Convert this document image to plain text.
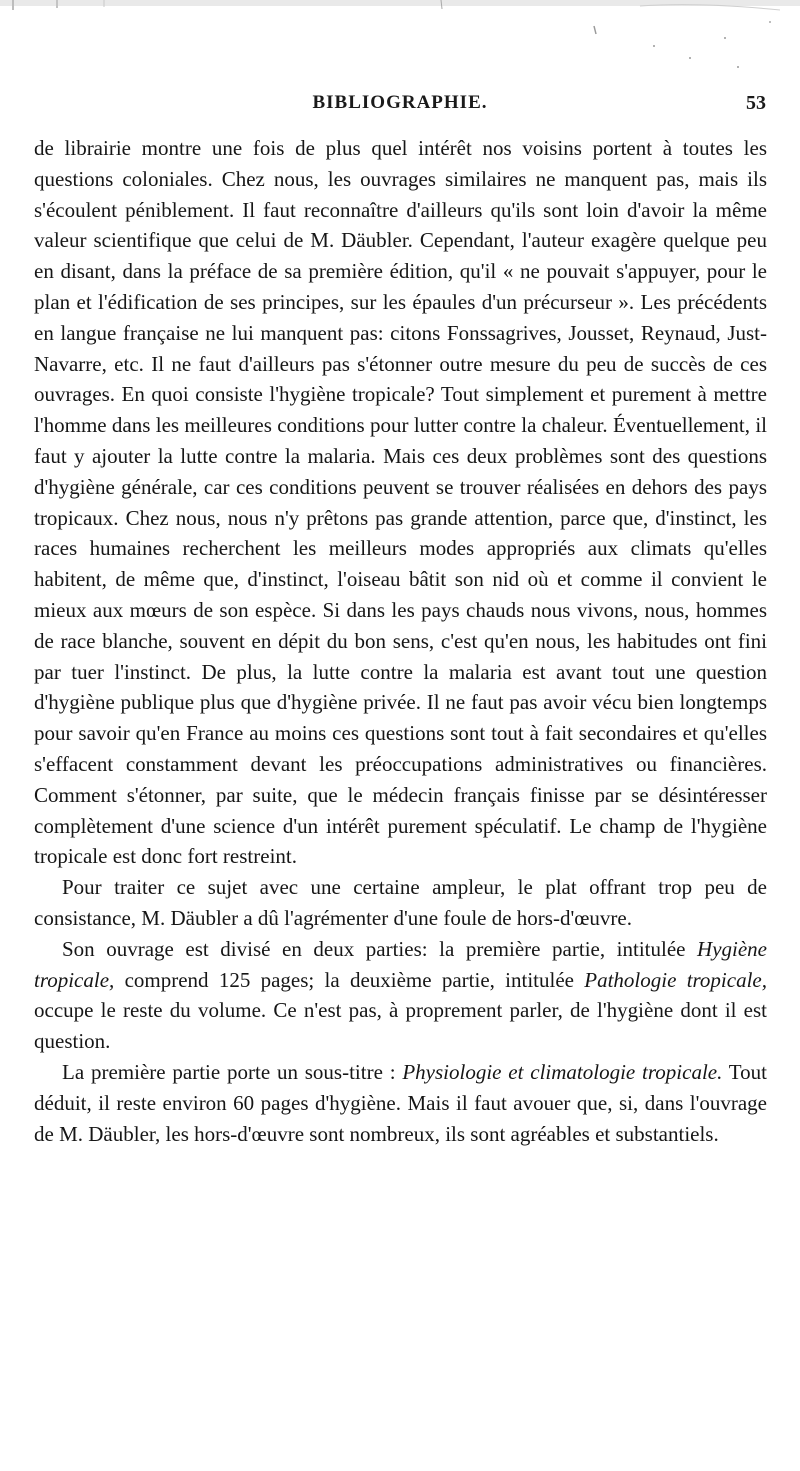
BIBLIOGRAPHIE.	53

de librairie montre une fois de plus quel intérêt nos voisins portent à toutes les questions coloniales. Chez nous, les ouvrages similaires ne manquent pas, mais ils s'écoulent péniblement. Il faut reconnaître d'ailleurs qu'ils sont loin d'avoir la même valeur scientifique que celui de M. Däubler. Cependant, l'auteur exagère quelque peu en disant, dans la préface de sa première édition, qu'il « ne pouvait s'appuyer, pour le plan et l'édification de ses principes, sur les épaules d'un précurseur ». Les précédents en langue française ne lui manquent pas: citons Fonssagrives, Jousset, Reynaud, Just-Navarre, etc. Il ne faut d'ailleurs pas s'étonner outre mesure du peu de succès de ces ouvrages. En quoi consiste l'hygiène tropicale? Tout simplement et purement à mettre l'homme dans les meilleures conditions pour lutter contre la chaleur. Éventuellement, il faut y ajouter la lutte contre la malaria. Mais ces deux problèmes sont des questions d'hygiène générale, car ces conditions peuvent se trouver réalisées en dehors des pays tropicaux. Chez nous, nous n'y prêtons pas grande attention, parce que, d'instinct, les races humaines recherchent les meilleurs modes appropriés aux climats qu'elles habitent, de même que, d'instinct, l'oiseau bâtit son nid où et comme il convient le mieux aux mœurs de son espèce. Si dans les pays chauds nous vivons, nous, hommes de race blanche, souvent en dépit du bon sens, c'est qu'en nous, les habitudes ont fini par tuer l'instinct. De plus, la lutte contre la malaria est avant tout une question d'hygiène publique plus que d'hygiène privée. Il ne faut pas avoir vécu bien longtemps pour savoir qu'en France au moins ces questions sont tout à fait secondaires et qu'elles s'effacent constamment devant les préoccupations administratives ou financières. Comment s'étonner, par suite, que le médecin français finisse par se désintéresser complètement d'une science d'un intérêt purement spéculatif. Le champ de l'hygiène tropicale est donc fort restreint.

Pour traiter ce sujet avec une certaine ampleur, le plat offrant trop peu de consistance, M. Däubler a dû l'agrémenter d'une foule de hors-d'œuvre.

Son ouvrage est divisé en deux parties: la première partie, intitulée Hygiène tropicale, comprend 125 pages; la deuxième partie, intitulée Pathologie tropicale, occupe le reste du volume. Ce n'est pas, à proprement parler, de l'hygiène dont il est question.

La première partie porte un sous-titre : Physiologie et climatologie tropicale. Tout déduit, il reste environ 60 pages d'hygiène. Mais il faut avouer que, si, dans l'ouvrage de M. Däubler, les hors-d'œuvre sont nombreux, ils sont agréables et substantiels.
